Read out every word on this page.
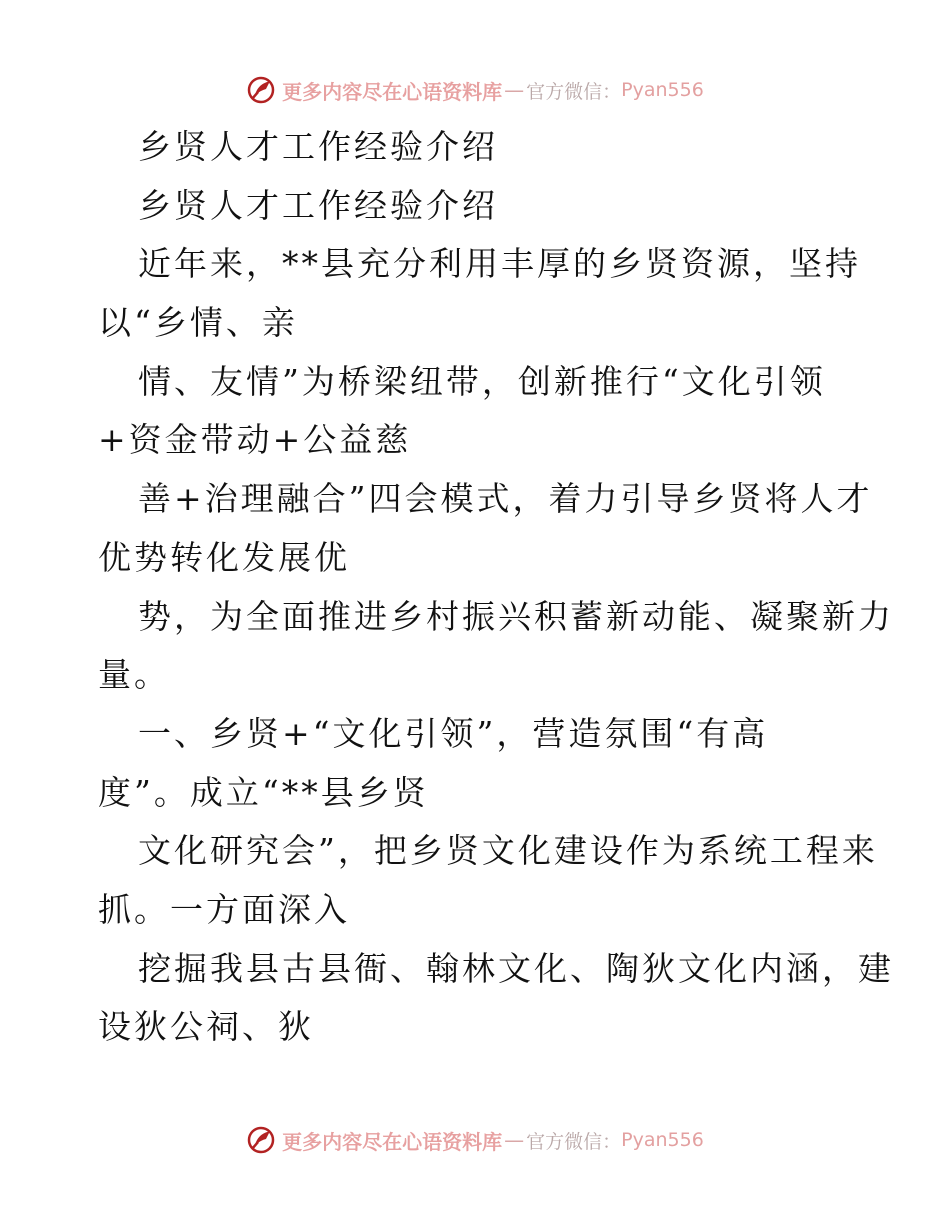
更多内容尽在心语资料库 — 官方微信： Pyan556
乡贤人才工作经验介绍
乡贤人才工作经验介绍
近年来，**县充分利用丰厚的乡贤资源，坚持
以“乡情、亲
情、友情”为桥梁纽带，创新推行“文化引领
+资金带动+公益慈
善+治理融合”四会模式，着力引导乡贤将人才
优势转化发展优
势，为全面推进乡村振兴积蓄新动能、凝聚新力
量。
一、乡贤+“文化引领”，营造氛围“有高
度”。成立“**县乡贤
文化研究会”，把乡贤文化建设作为系统工程来
抓。一方面深入
挖掘我县古县衙、翰林文化、陶狄文化内涵，建
设狄公祠、狄
更多内容尽在心语资料库 — 官方微信： Pyan556
